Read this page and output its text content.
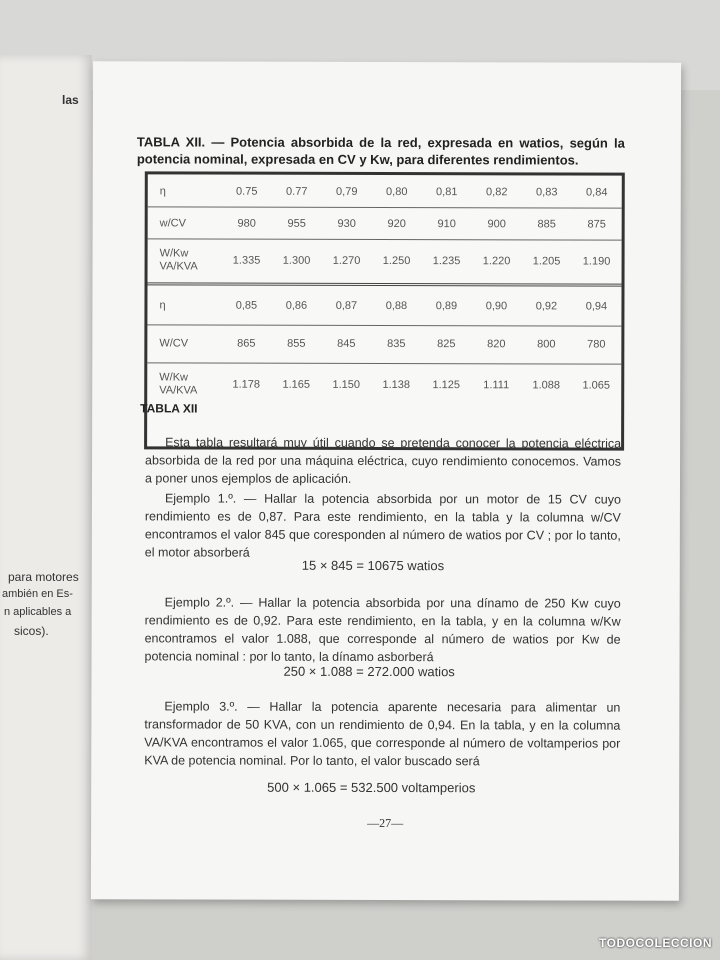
las
para motores
ambién en Es-
n aplicables a
sicos).
TABLA XII. — Potencia absorbida de la red, expresada en watios, según la potencia nominal, expresada en CV y Kw, para diferentes rendimientos.
η	0.75	0.77	0,79	0,80	0,81	0,82	0,83	0,84
w/CV	980	955	930	920	910	900	885	875
W/Kw
VA/KVA	1.335	1.300	1.270	1.250	1.235	1.220	1.205	1.190
η	0,85	0,86	0,87	0,88	0,89	0,90	0,92	0,94
W/CV	865	855	845	835	825	820	800	780
W/Kw
VA/KVA	1.178	1.165	1.150	1.138	1.125	1.111	1.088	1.065
TABLA XII

Esta tabla resultará muy útil cuando se pretenda conocer la potencia eléctrica absorbida de la red por una máquina eléctrica, cuyo rendimiento conocemos. Vamos a poner unos ejemplos de aplicación.

Ejemplo 1.º. — Hallar la potencia absorbida por un motor de 15 CV cuyo rendimiento es de 0,87. Para este rendimiento, en la tabla y la columna w/CV encontramos el valor 845 que coresponden al número de watios por CV ; por lo tanto, el motor absorberá

15 × 845 = 10675 watios

Ejemplo 2.º. — Hallar la potencia absorbida por una dínamo de 250 Kw cuyo rendimiento es de 0,92. Para este rendimiento, en la tabla, y en la columna w/Kw encontramos el valor 1.088, que corresponde al número de watios por Kw de potencia nominal : por lo tanto, la dínamo asborberá

250 × 1.088 = 272.000 watios

Ejemplo 3.º. — Hallar la potencia aparente necesaria para alimentar un transformador de 50 KVA, con un rendimiento de 0,94. En la tabla, y en la columna VA/KVA encontramos el valor 1.065, que corresponde al número de voltamperios por KVA de potencia nominal. Por lo tanto, el valor buscado será

500 × 1.065 = 532.500 voltamperios
—27—
TODOCOLECCION
